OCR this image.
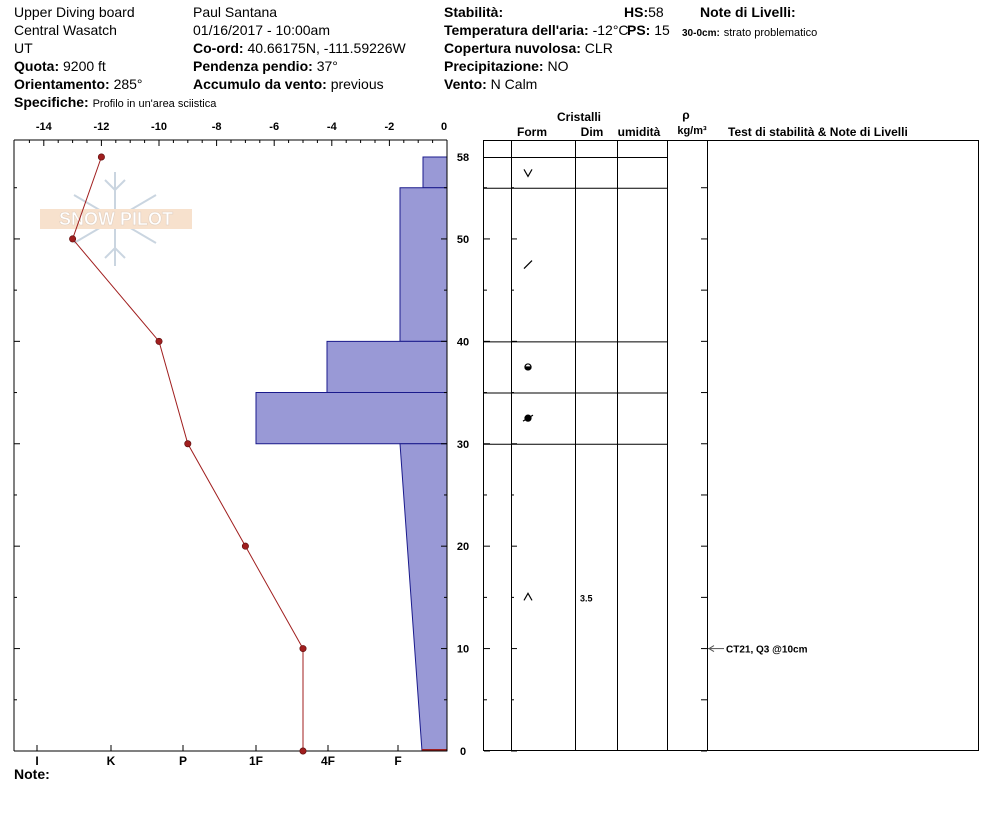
Upper Diving board
Central Wasatch
UT
Quota: 9200 ft
Orientamento: 285°
Specifiche: Profilo in un'area sciistica
Paul Santana
01/16/2017 - 10:00am
Co-ord: 40.66175N, -111.59226W
Pendenza pendio: 37°
Accumulo da vento: previous
Stabilità:
Temperatura dell'aria: -12°C
Copertura nuvolosa: CLR
Precipitazione: NO
Vento: N Calm
HS:58
PS: 15
Note di Livelli:
30-0cm: strato problematico
Note:
SNOW PILOT
-14	-12	-10	-8	-6	-4	-2	0
0
10
20
30
40
50
58
I	K	P	1F	4F	F
Cristalli
Form	Dim umidità
ρ
kg/m³ Test di stabilità & Note di Livelli
3.5
CT21, Q3 @10cm
